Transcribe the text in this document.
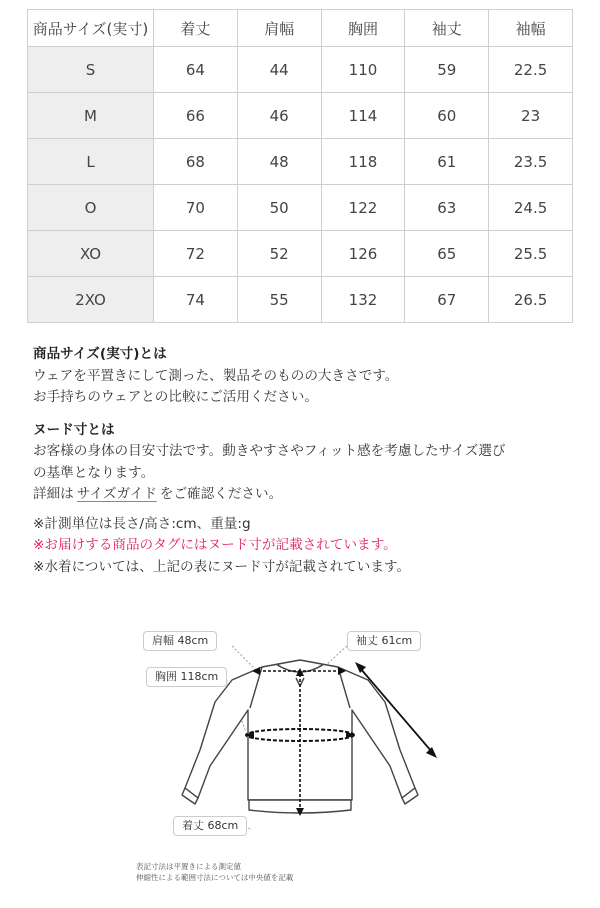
商品サイズ(実寸)	着丈	肩幅	胸囲	袖丈	袖幅
S	64	44	110	59	22.5
M	66	46	114	60	23
L	68	48	118	61	23.5
O	70	50	122	63	24.5
XO	72	52	126	65	25.5
2XO	74	55	132	67	26.5

商品サイズ(実寸)とは

ウェアを平置きにして測った、製品そのものの大きさです。

お手持ちのウェアとの比較にご活用ください。

ヌード寸とは

お客様の身体の目安寸法です。動きやすさやフィット感を考慮したサイズ選び

の基準となります。

詳細は サイズガイド をご確認ください。

※計測単位は長さ/高さ:cm、重量:g

※お届けする商品のタグにはヌード寸が記載されています。

※水着については、上記の表にヌード寸が記載されています。

肩幅 48cm	袖丈 61cm
胸囲 118cm
着丈 68cm
表記寸法は平置きによる測定値
伸縮性による範囲寸法については中央値を記載
